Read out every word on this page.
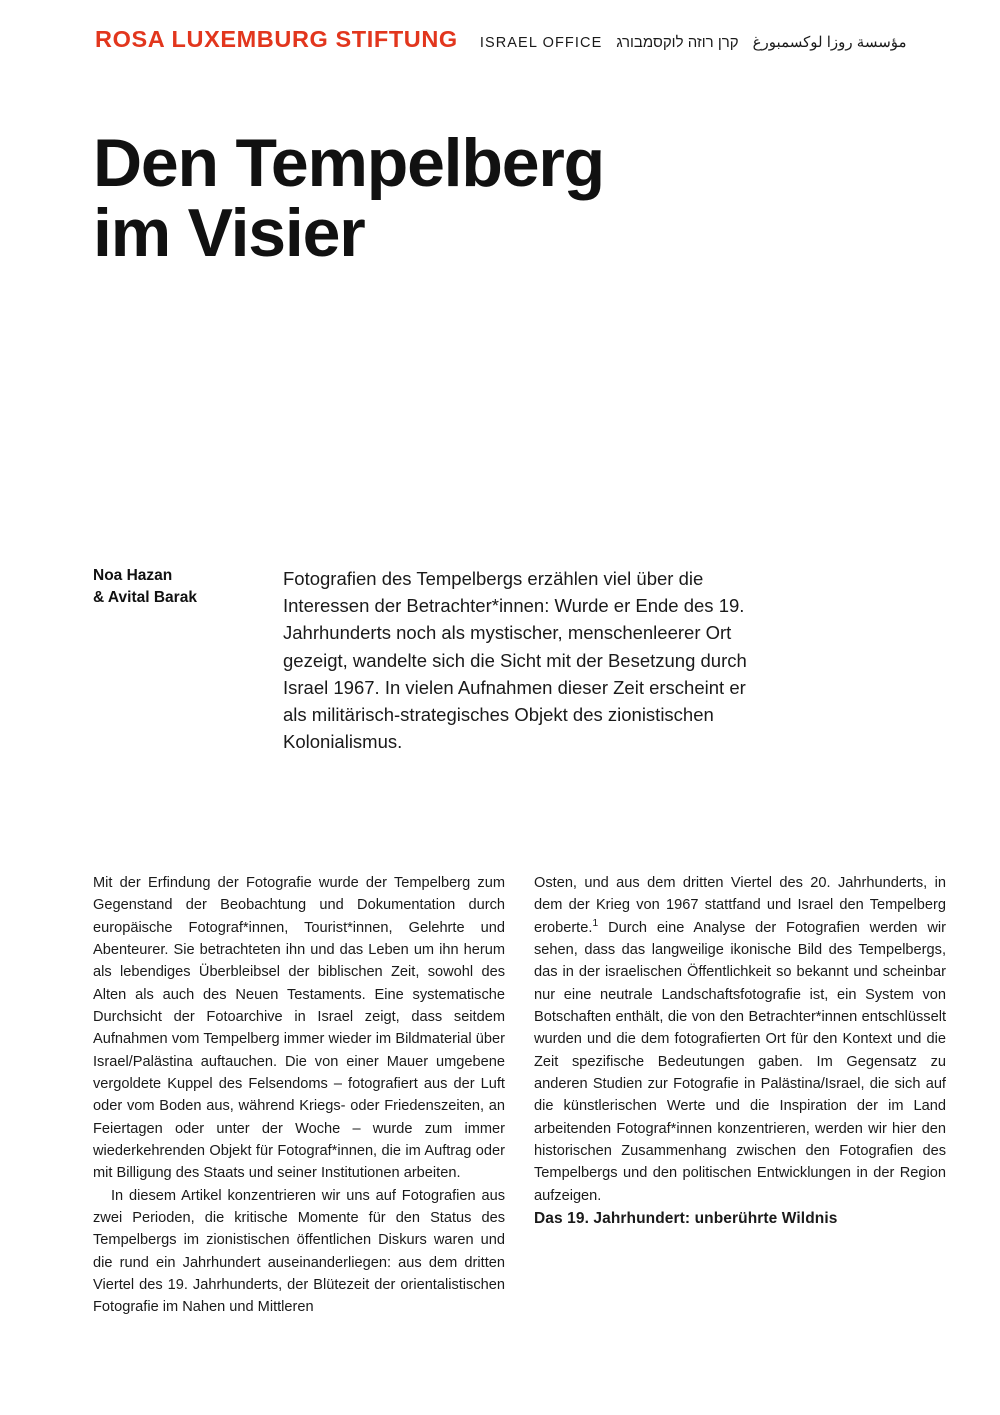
ROSA LUXEMBURG STIFTUNG ISRAEL OFFICE קרן רוזה לוקסמבורג مؤسسة روزا لوكسمبورغ
Den Tempelberg
im Visier
Noa Hazan
& Avital Barak
Fotografien des Tempelbergs erzählen viel über die Interessen der Betrachter*innen: Wurde er Ende des 19. Jahrhunderts noch als mystischer, menschenleerer Ort gezeigt, wandelte sich die Sicht mit der Besetzung durch Israel 1967. In vielen Aufnahmen dieser Zeit erscheint er als militärisch-strategisches Objekt des zionistischen Kolonialismus.

Mit der Erfindung der Fotografie wurde der Tempelberg zum Gegenstand der Beobachtung und Dokumentation durch europäische Fotograf*innen, Tourist*innen, Gelehrte und Abenteurer. Sie betrachteten ihn und das Leben um ihn herum als lebendiges Überbleibsel der biblischen Zeit, sowohl des Alten als auch des Neuen Testaments. Eine systematische Durchsicht der Fotoarchive in Israel zeigt, dass seitdem Aufnahmen vom Tempelberg immer wieder im Bildmaterial über Israel/Palästina auftauchen. Die von einer Mauer umgebene vergoldete Kuppel des Felsendoms – fotografiert aus der Luft oder vom Boden aus, während Kriegs- oder Friedenszeiten, an Feiertagen oder unter der Woche – wurde zum immer wiederkehrenden Objekt für Fotograf*innen, die im Auftrag oder mit Billigung des Staats und seiner Institutionen arbeiten.

In diesem Artikel konzentrieren wir uns auf Fotografien aus zwei Perioden, die kritische Momente für den Status des Tempelbergs im zionistischen öffentlichen Diskurs waren und die rund ein Jahrhundert auseinanderliegen: aus dem dritten Viertel des 19. Jahrhunderts, der Blütezeit der orientalistischen Fotografie im Nahen und Mittleren

Osten, und aus dem dritten Viertel des 20. Jahrhunderts, in dem der Krieg von 1967 stattfand und Israel den Tempelberg eroberte.$^1$ Durch eine Analyse der Fotografien werden wir sehen, dass das langweilige ikonische Bild des Tempelbergs, das in der israelischen Öffentlichkeit so bekannt und scheinbar nur eine neutrale Landschaftsfotografie ist, ein System von Botschaften enthält, die von den Betrachter*innen entschlüsselt wurden und die dem fotografierten Ort für den Kontext und die Zeit spezifische Bedeutungen gaben. Im Gegensatz zu anderen Studien zur Fotografie in Palästina/Israel, die sich auf die künstlerischen Werte und die Inspiration der im Land arbeitenden Fotograf*innen konzentrieren, werden wir hier den historischen Zusammenhang zwischen den Fotografien des Tempelbergs und den politischen Entwicklungen in der Region aufzeigen.

Das 19. Jahrhundert: unberührte Wildnis
